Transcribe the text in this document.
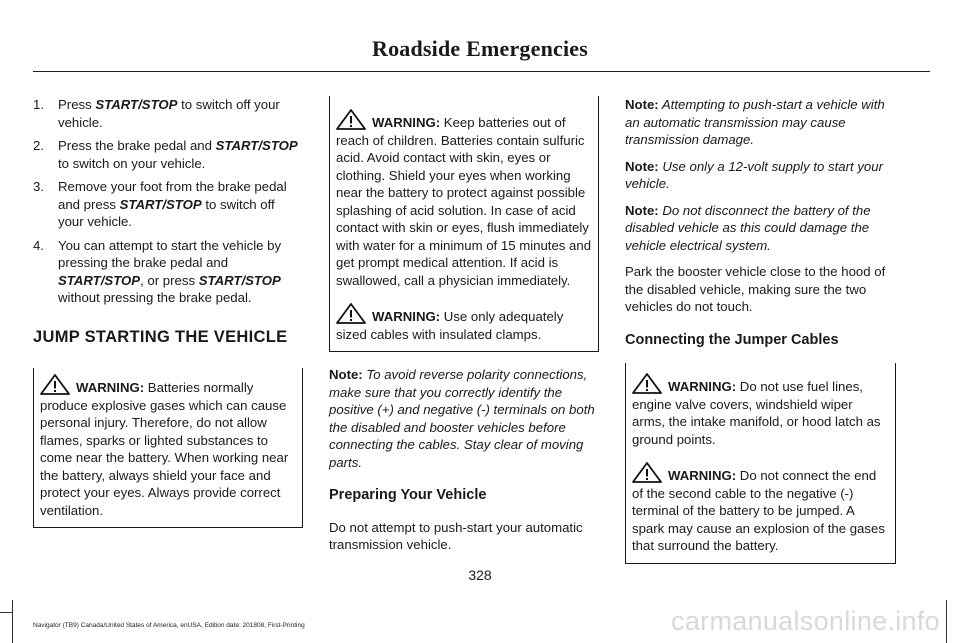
Roadside Emergencies
1. Press START/STOP to switch off your vehicle.
2. Press the brake pedal and START/STOP to switch on your vehicle.
3. Remove your foot from the brake pedal and press START/STOP to switch off your vehicle.
4. You can attempt to start the vehicle by pressing the brake pedal and START/STOP, or press START/STOP without pressing the brake pedal.
JUMP STARTING THE VEHICLE

WARNING: Batteries normally produce explosive gases which can cause personal injury. Therefore, do not allow flames, sparks or lighted substances to come near the battery. When working near the battery, always shield your face and protect your eyes. Always provide correct ventilation.

WARNING: Keep batteries out of reach of children. Batteries contain sulfuric acid. Avoid contact with skin, eyes or clothing. Shield your eyes when working near the battery to protect against possible splashing of acid solution. In case of acid contact with skin or eyes, flush immediately with water for a minimum of 15 minutes and get prompt medical attention. If acid is swallowed, call a physician immediately.

WARNING: Use only adequately sized cables with insulated clamps.

Note: To avoid reverse polarity connections, make sure that you correctly identify the positive (+) and negative (-) terminals on both the disabled and booster vehicles before connecting the cables. Stay clear of moving parts.

Preparing Your Vehicle

Do not attempt to push-start your automatic transmission vehicle.

Note: Attempting to push-start a vehicle with an automatic transmission may cause transmission damage.

Note: Use only a 12-volt supply to start your vehicle.

Note: Do not disconnect the battery of the disabled vehicle as this could damage the vehicle electrical system.

Park the booster vehicle close to the hood of the disabled vehicle, making sure the two vehicles do not touch.

Connecting the Jumper Cables

WARNING: Do not use fuel lines, engine valve covers, windshield wiper arms, the intake manifold, or hood latch as ground points.

WARNING: Do not connect the end of the second cable to the negative (-) terminal of the battery to be jumped. A spark may cause an explosion of the gases that surround the battery.

328
Navigator (TB9) Canada/United States of America, enUSA, Edition date: 201808, First-Printing	carmanualsonline.info
